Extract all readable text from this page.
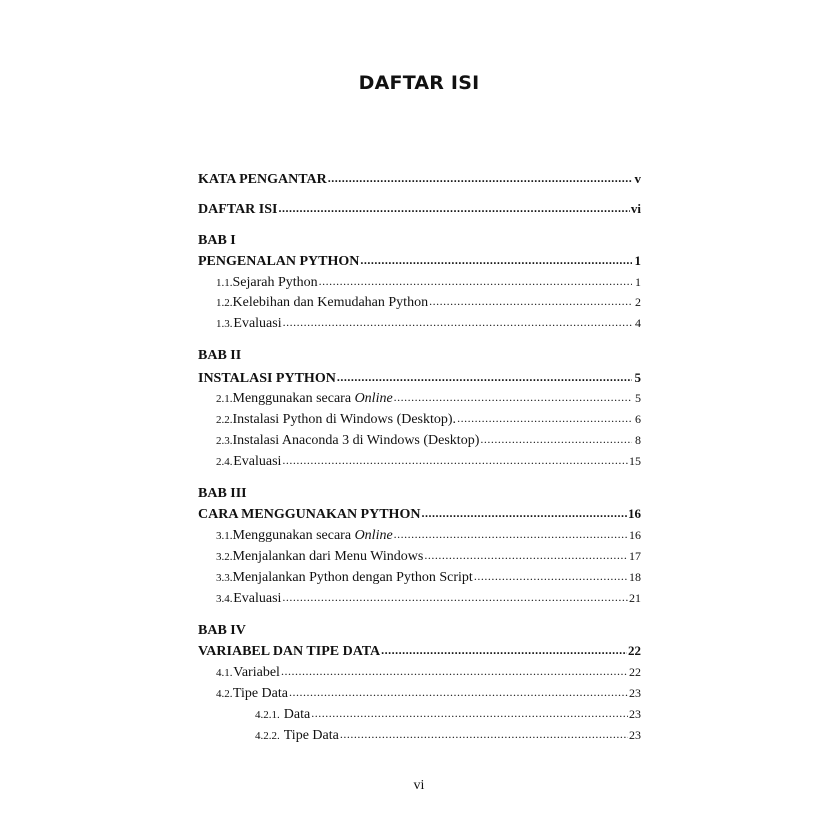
DAFTAR ISI
KATA PENGANTAR .....	v
DAFTAR ISI .....	vi
BAB I
PENGENALAN PYTHON .....	1
1.1. Sejarah Python .....	1
1.2. Kelebihan dan Kemudahan Python .....	2
1.3. Evaluasi .....	4
BAB II
INSTALASI PYTHON .....	5
2.1. Menggunakan secara Online .....	5
2.2. Instalasi Python di Windows (Desktop). .....	6
2.3. Instalasi Anaconda 3 di Windows (Desktop) .....	8
2.4. Evaluasi .....	15
BAB III
CARA MENGGUNAKAN PYTHON .....	16
3.1. Menggunakan secara Online .....	16
3.2. Menjalankan dari Menu Windows .....	17
3.3. Menjalankan Python dengan Python Script .....	18
3.4. Evaluasi .....	21
BAB IV
VARIABEL DAN TIPE DATA .....	22
4.1. Variabel .....	22
4.2. Tipe Data .....	23
4.2.1. Data .....	23
4.2.2. Tipe Data .....	23
vi
